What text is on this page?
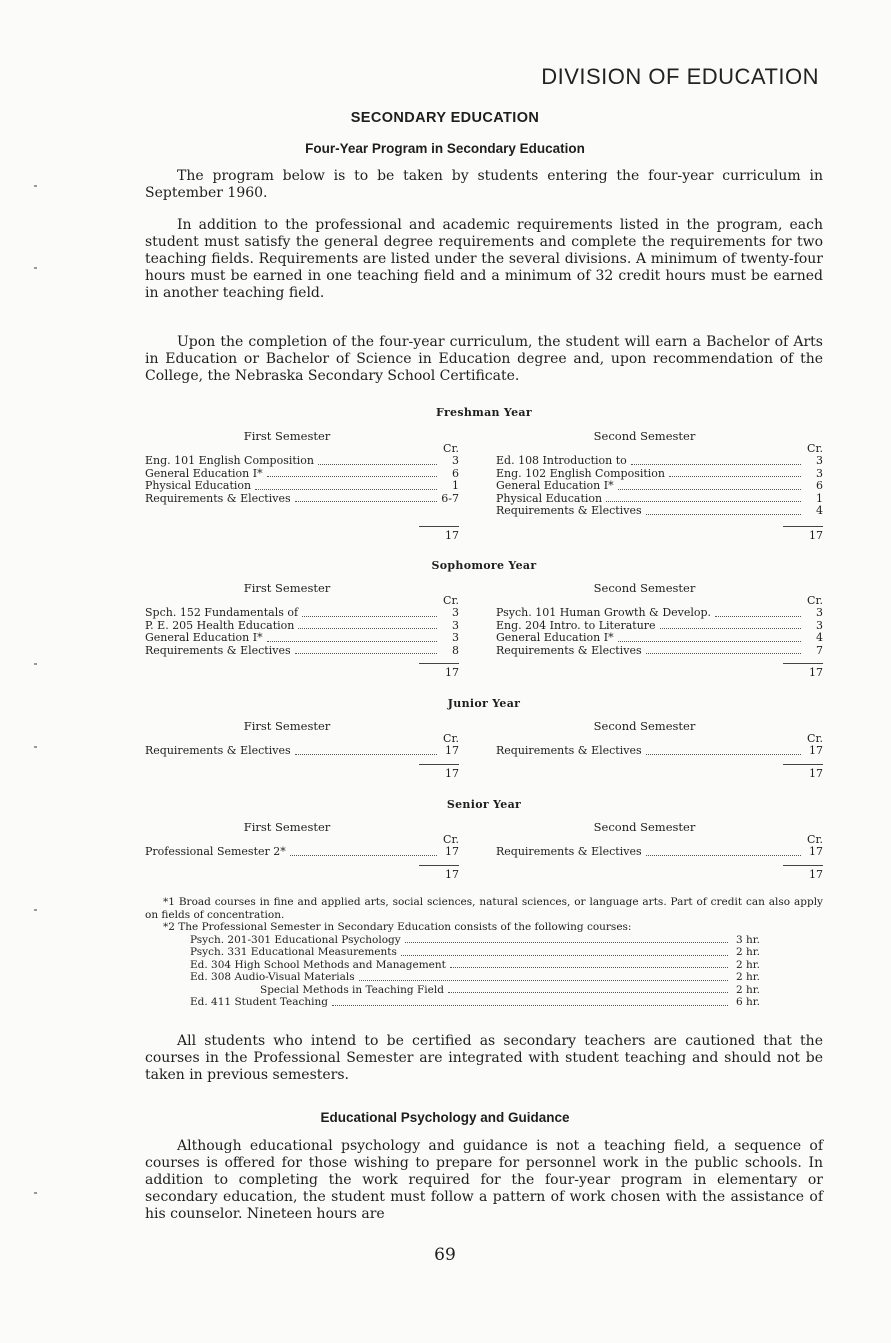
DIVISION OF EDUCATION
SECONDARY EDUCATION
Four-Year Program in Secondary Education
The program below is to be taken by students entering the four-year curriculum in September 1960.
In addition to the professional and academic requirements listed in the program, each student must satisfy the general degree requirements and complete the requirements for two teaching fields. Requirements are listed under the several divisions. A minimum of twenty-four hours must be earned in one teaching field and a minimum of 32 credit hours must be earned in another teaching field.
Upon the completion of the four-year curriculum, the student will earn a Bachelor of Arts in Education or Bachelor of Science in Education degree and, upon recommendation of the College, the Nebraska Secondary School Certificate.
Freshman Year
First Semester
Cr.
Eng. 101 English Composition	3
General Education I*	6
Physical Education	1
Requirements & Electives	6-7
Second Semester
Cr.
Ed. 108 Introduction to	3
Eng. 102 English Composition	3
General Education I*	6
Physical Education	1
Requirements & Electives	4
17	17
Sophomore Year
First Semester
Cr.
Spch. 152 Fundamentals of	3
P. E. 205 Health Education	3
General Education I*	3
Requirements & Electives	8
Second Semester
Cr.
Psych. 101 Human Growth & Develop.	3
Eng. 204 Intro. to Literature	3
General Education I*	4
Requirements & Electives	7
17	17
Junior Year
First Semester
Cr.
Requirements & Electives	17
Second Semester
Cr.
Requirements & Electives	17
17	17
Senior Year
First Semester
Cr.
Professional Semester 2*	17
Second Semester
Cr.
Requirements & Electives	17
17	17
*1 Broad courses in fine and applied arts, social sciences, natural sciences, or language arts. Part of credit can also apply on fields of concentration.
*2 The Professional Semester in Secondary Education consists of the following courses:
Psych. 201-301 Educational Psychology	3 hr.
Psych. 331 Educational Measurements	2 hr.
Ed. 304 High School Methods and Management	2 hr.
Ed. 308 Audio-Visual Materials	2 hr.
Special Methods in Teaching Field	2 hr.
Ed. 411 Student Teaching	6 hr.
All students who intend to be certified as secondary teachers are cautioned that the courses in the Professional Semester are integrated with student teaching and should not be taken in previous semesters.
Educational Psychology and Guidance
Although educational psychology and guidance is not a teaching field, a sequence of courses is offered for those wishing to prepare for personnel work in the public schools. In addition to completing the work required for the four-year program in elementary or secondary education, the student must follow a pattern of work chosen with the assistance of his counselor. Nineteen hours are
69
